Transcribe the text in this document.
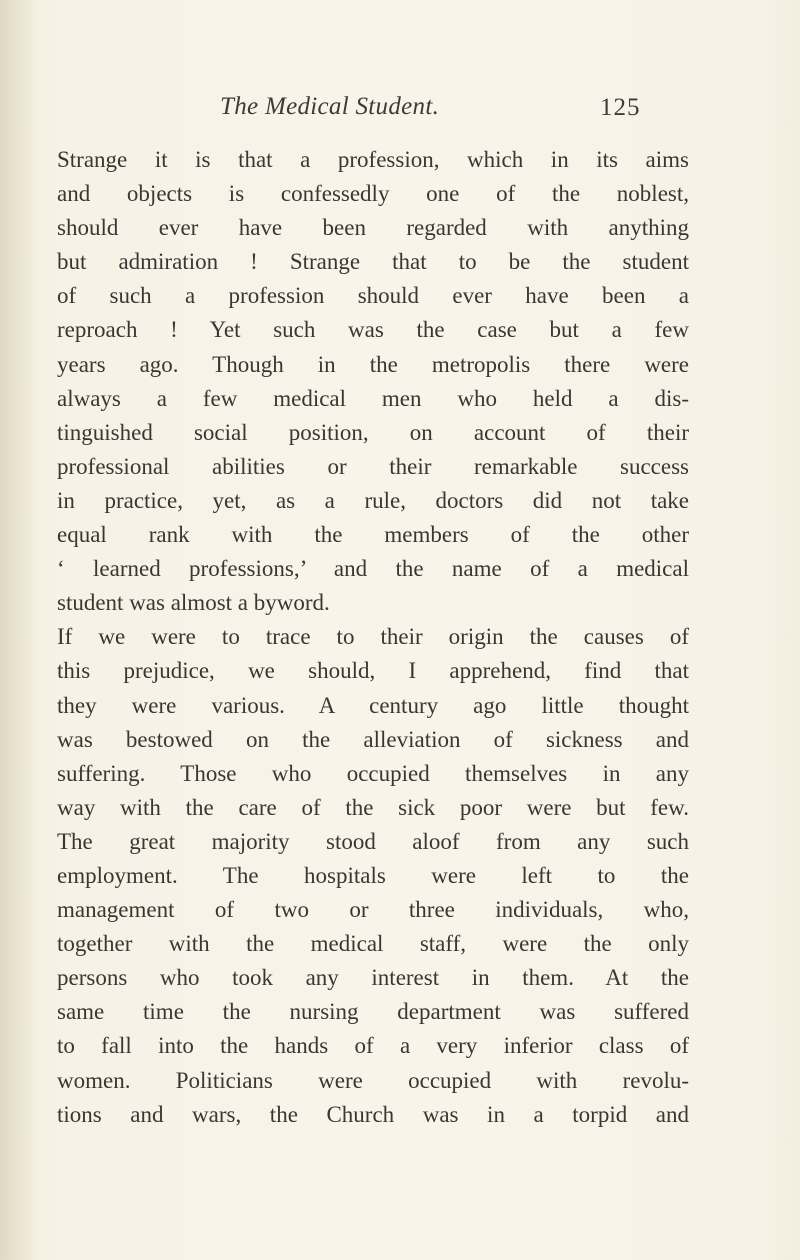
The Medical Student.	125
Strange it is that a profession, which in its aims
and objects is confessedly one of the noblest,
should ever have been regarded with anything
but admiration ! Strange that to be the student
of such a profession should ever have been a
reproach ! Yet such was the case but a few
years ago. Though in the metropolis there were
always a few medical men who held a dis-
tinguished social position, on account of their
professional abilities or their remarkable success
in practice, yet, as a rule, doctors did not take
equal rank with the members of the other
‘ learned professions,’ and the name of a medical
student was almost a byword.
If we were to trace to their origin the causes of
this prejudice, we should, I apprehend, find that
they were various. A century ago little thought
was bestowed on the alleviation of sickness and
suffering. Those who occupied themselves in any
way with the care of the sick poor were but few.
The great majority stood aloof from any such
employment. The hospitals were left to the
management of two or three individuals, who,
together with the medical staff, were the only
persons who took any interest in them. At the
same time the nursing department was suffered
to fall into the hands of a very inferior class of
women. Politicians were occupied with revolu-
tions and wars, the Church was in a torpid and
